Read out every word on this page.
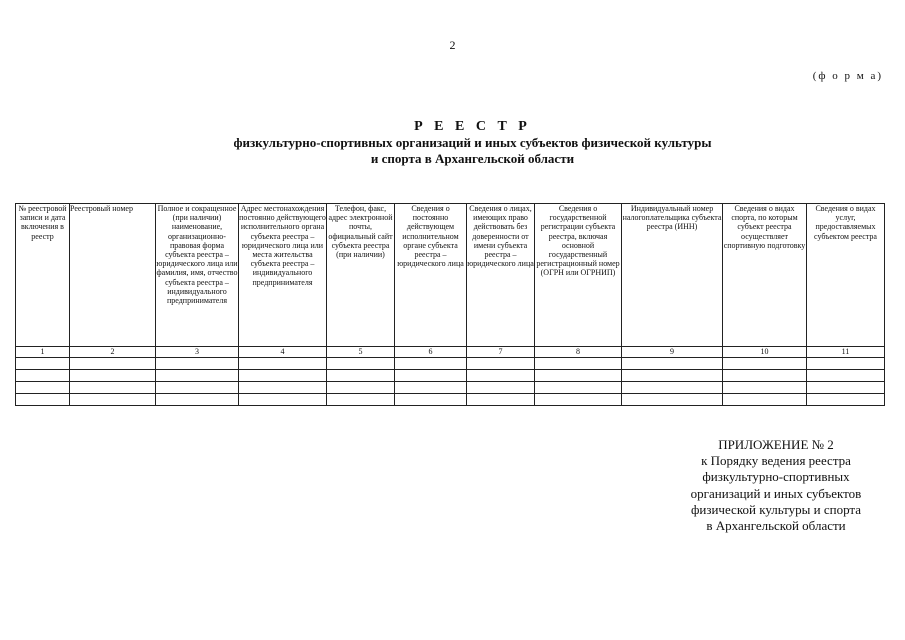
2
(ф о р м а)
Р Е Е С Т Р
физкультурно-спортивных организаций и иных субъектов физической культуры
и спорта в Архангельской области
№ реестровой записи и дата включения в реестр	Реестровый номер	Полное и сокращенное (при наличии) наименование, организационно-правовая форма субъекта реестра – юридического лица или фамилия, имя, отчество субъекта реестра – индивидуального предпринимателя	Адрес местонахождения постоянно действующего исполнительного органа субъекта реестра – юридического лица или места жительства субъекта реестра – индивидуального предпринимателя	Телефон, факс, адрес электронной почты, официальный сайт субъекта реестра (при наличии)	Сведения о постоянно действующем исполнительном органе субъекта реестра – юридического лица	Сведения о лицах, имеющих право действовать без доверенности от имени субъекта реестра – юридического лица	Сведения о государственной регистрации субъекта реестра, включая основной государственный регистрационный номер (ОГРН или ОГРНИП)	Индивидуальный номер налогоплательщика субъекта реестра (ИНН)	Сведения о видах спорта, по которым субъект реестра осуществляет спортивную подготовку	Сведения о видах услуг, предоставляемых субъектом реестра
1	2	3	4	5	6	7	8	9	10	11

ПРИЛОЖЕНИЕ № 2
к Порядку ведения реестра
физкультурно-спортивных
организаций и иных субъектов
физической культуры и спорта
в Архангельской области
